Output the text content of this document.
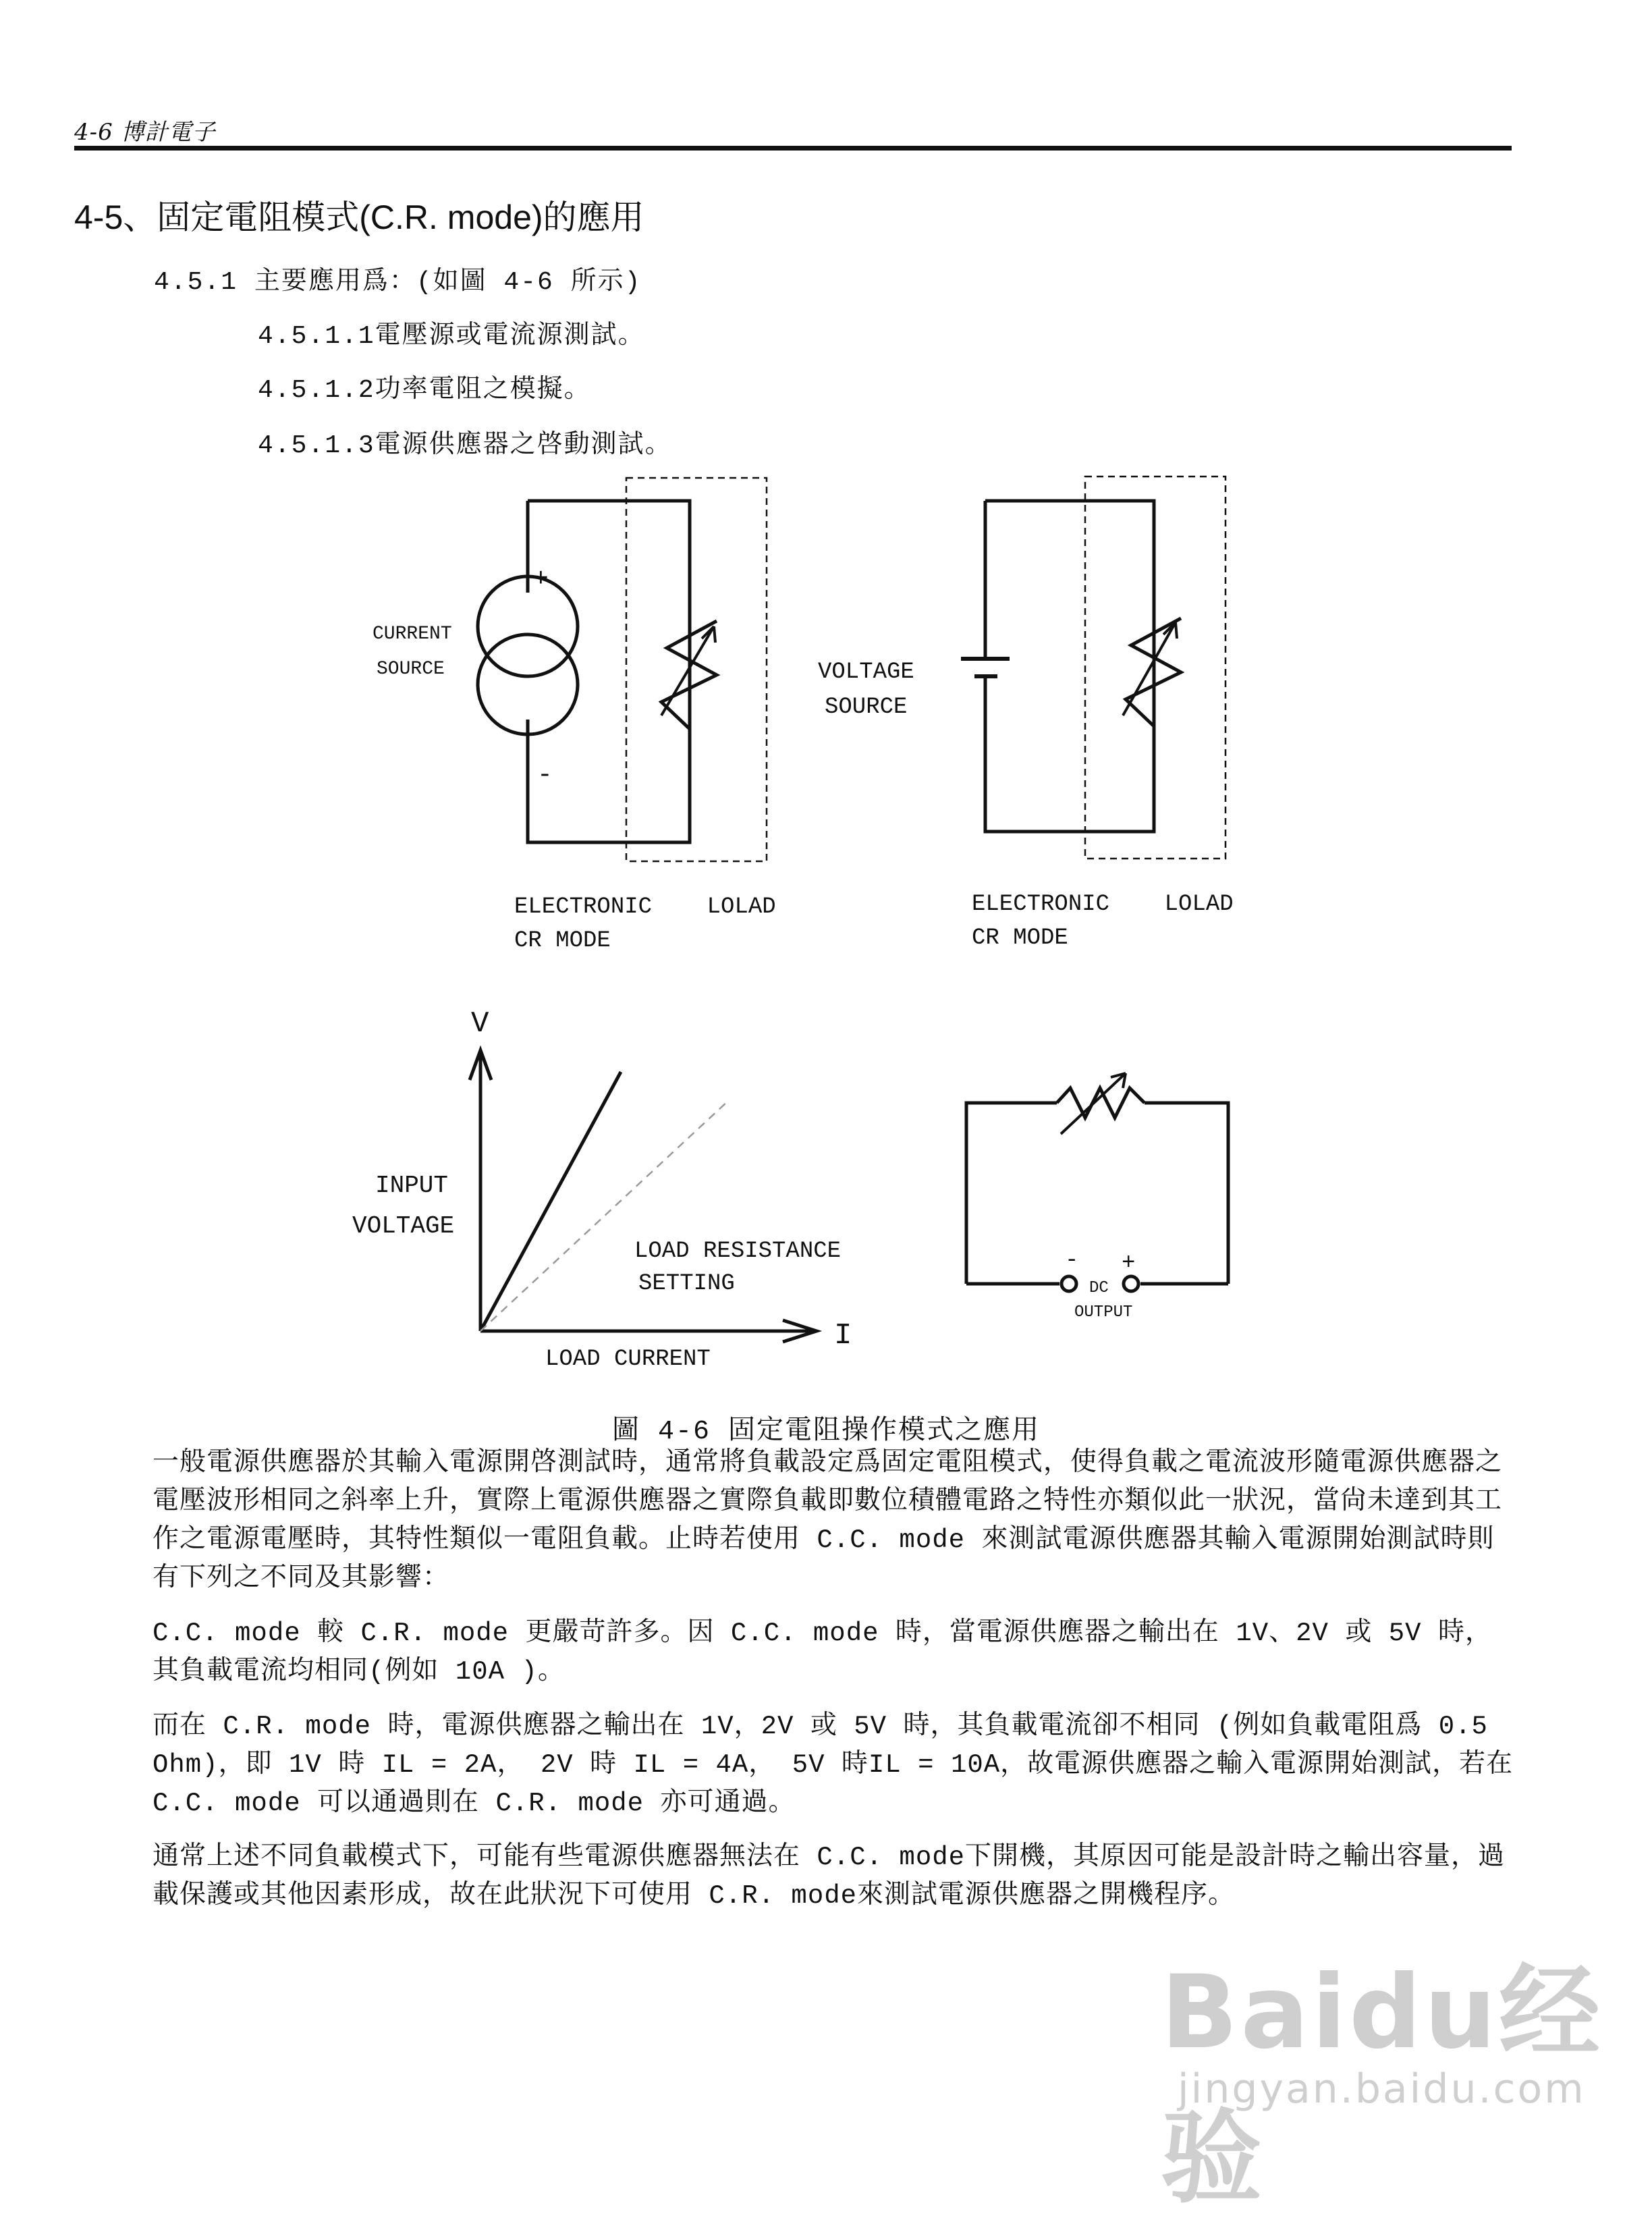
4-6 博計電子
4-5、固定電阻模式(C.R. mode)的應用
4.5.1 主要應用爲：(如圖 4-6 所示)
4.5.1.1電壓源或電流源測試。
4.5.1.2功率電阻之模擬。
4.5.1.3電源供應器之啓動測試。
+
-
CURRENT
SOURCE
ELECTRONIC    LOLAD
CR MODE
VOLTAGE
SOURCE
ELECTRONIC    LOLAD
CR MODE
V
I
INPUT
VOLTAGE
LOAD CURRENT
LOAD RESISTANCE
SETTING
- +
DC
OUTPUT
圖 4-6 固定電阻操作模式之應用

一般電源供應器於其輸入電源開啓測試時，通常將負載設定爲固定電阻模式，使得負載之電流波形隨電源供應器之電壓波形相同之斜率上升，實際上電源供應器之實際負載即數位積體電路之特性亦類似此一狀況，當尙未達到其工作之電源電壓時，其特性類似一電阻負載。止時若使用 C.C. mode 來測試電源供應器其輸入電源開始測試時則有下列之不同及其影響：

C.C. mode 較 C.R. mode 更嚴苛許多。因 C.C. mode 時，當電源供應器之輸出在 1V、2V 或 5V 時，其負載電流均相同(例如 10A )。

而在 C.R. mode 時，電源供應器之輸出在 1V，2V 或 5V 時，其負載電流卻不相同 (例如負載電阻爲 0.5 Ohm)，即 1V 時 IL = 2A， 2V 時 IL = 4A， 5V 時IL = 10A，故電源供應器之輸入電源開始測試，若在 C.C. mode 可以通過則在 C.R. mode 亦可通過。

通常上述不同負載模式下，可能有些電源供應器無法在 C.C. mode下開機，其原因可能是設計時之輸出容量，過載保護或其他因素形成，故在此狀況下可使用 C.R. mode來測試電源供應器之開機程序。

Baidu经验
jingyan.baidu.com
